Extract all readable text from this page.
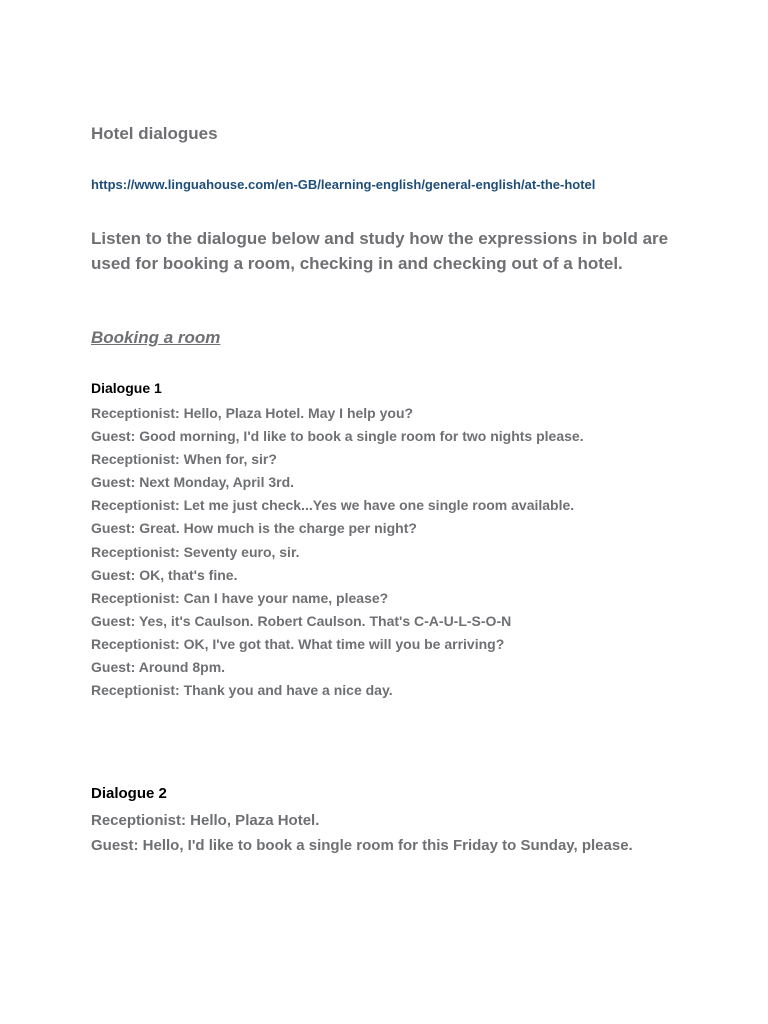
Hotel dialogues
https://www.linguahouse.com/en-GB/learning-english/general-english/at-the-hotel
Listen to the dialogue below and study how the expressions in bold are used for booking a room, checking in and checking out of a hotel.
Booking a room
Dialogue 1
Receptionist: Hello, Plaza Hotel. May I help you?
Guest: Good morning, I'd like to book a single room for two nights please.
Receptionist: When for, sir?
Guest: Next Monday, April 3rd.
Receptionist: Let me just check...Yes we have one single room available.
Guest: Great. How much is the charge per night?
Receptionist: Seventy euro, sir.
Guest: OK, that's fine.
Receptionist: Can I have your name, please?
Guest: Yes, it's Caulson. Robert Caulson. That's C-A-U-L-S-O-N
Receptionist: OK, I've got that. What time will you be arriving?
Guest: Around 8pm.
Receptionist: Thank you and have a nice day.
Dialogue 2
Receptionist: Hello, Plaza Hotel.
Guest: Hello, I'd like to book a single room for this Friday to Sunday, please.
